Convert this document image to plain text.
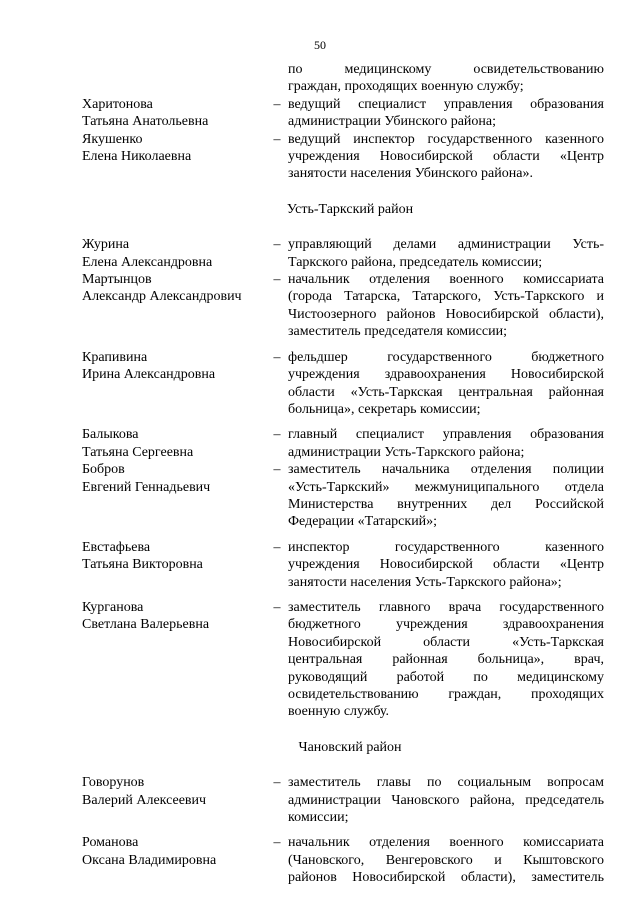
50
по медицинскому освидетельствованию
граждан, проходящих военную службу;
Харитонова
Татьяна Анатольевна
– ведущий специалист управления образования
администрации Убинского района;
Якушенко
Елена Николаевна
– ведущий инспектор государственного казенного
учреждения Новосибирской области «Центр
занятости населения Убинского района».
Усть-Таркский район
Журина
Елена Александровна
– управляющий делами администрации Усть-
Таркского района, председатель комиссии;
Мартынцов
Александр Александрович
– начальник отделения военного комиссариата
(города Татарска, Татарского, Усть-Таркского и
Чистоозерного районов Новосибирской области),
заместитель председателя комиссии;
Крапивина
Ирина Александровна
– фельдшер государственного бюджетного
учреждения здравоохранения Новосибирской
области «Усть-Таркская центральная районная
больница», секретарь комиссии;
Балыкова
Татьяна Сергеевна
– главный специалист управления образования
администрации Усть-Таркского района;
Бобров
Евгений Геннадьевич
– заместитель начальника отделения полиции
«Усть-Таркский» межмуниципального отдела
Министерства внутренних дел Российской
Федерации «Татарский»;
Евстафьева
Татьяна Викторовна
– инспектор государственного казенного
учреждения Новосибирской области «Центр
занятости населения Усть-Таркского района»;
Курганова
Светлана Валерьевна
– заместитель главного врача государственного
бюджетного учреждения здравоохранения
Новосибирской области «Усть-Таркская
центральная районная больница», врач,
руководящий работой по медицинскому
освидетельствованию граждан, проходящих
военную службу.
Чановский район
Говорунов
Валерий Алексеевич
– заместитель главы по социальным вопросам
администрации Чановского района, председатель
комиссии;
Романова
Оксана Владимировна
– начальник отделения военного комиссариата
(Чановского, Венгеровского и Кыштовского
районов Новосибирской области), заместитель
